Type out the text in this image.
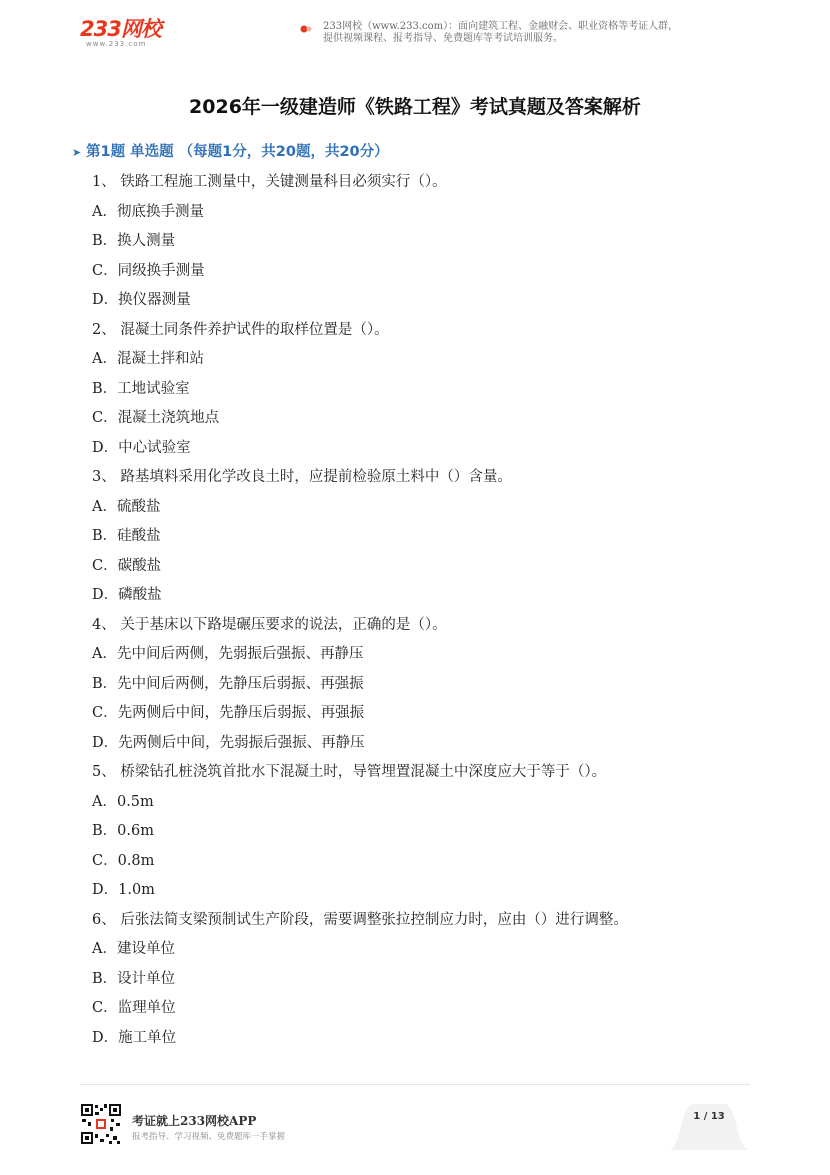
233网校
www.233.com
233网校（www.233.com）：面向建筑工程、金融财会、职业资格等考证人群，
提供视频课程、报考指导、免费题库等考试培训服务。
2026年一级建造师《铁路工程》考试真题及答案解析
➤ 第1题 单选题 （每题1分，共20题，共20分）
1、 铁路工程施工测量中，关键测量科目必须实行（）。
A．彻底换手测量
B．换人测量
C．同级换手测量
D．换仪器测量
2、 混凝土同条件养护试件的取样位置是（）。
A．混凝土拌和站
B．工地试验室
C．混凝土浇筑地点
D．中心试验室
3、 路基填料采用化学改良土时，应提前检验原土料中（）含量。
A．硫酸盐
B．硅酸盐
C．碳酸盐
D．磷酸盐
4、 关于基床以下路堤碾压要求的说法，正确的是（）。
A．先中间后两侧，先弱振后强振、再静压
B．先中间后两侧，先静压后弱振、再强振
C．先两侧后中间，先静压后弱振、再强振
D．先两侧后中间，先弱振后强振、再静压
5、 桥梁钻孔桩浇筑首批水下混凝土时，导管埋置混凝土中深度应大于等于（）。
A．0.5m
B．0.6m
C．0.8m
D．1.0m
6、 后张法简支梁预制试生产阶段，需要调整张拉控制应力时，应由（）进行调整。
A．建设单位
B．设计单位
C．监理单位
D．施工单位
考证就上233网校APP
报考指导、学习视频、免费题库一手掌握
1 / 13
